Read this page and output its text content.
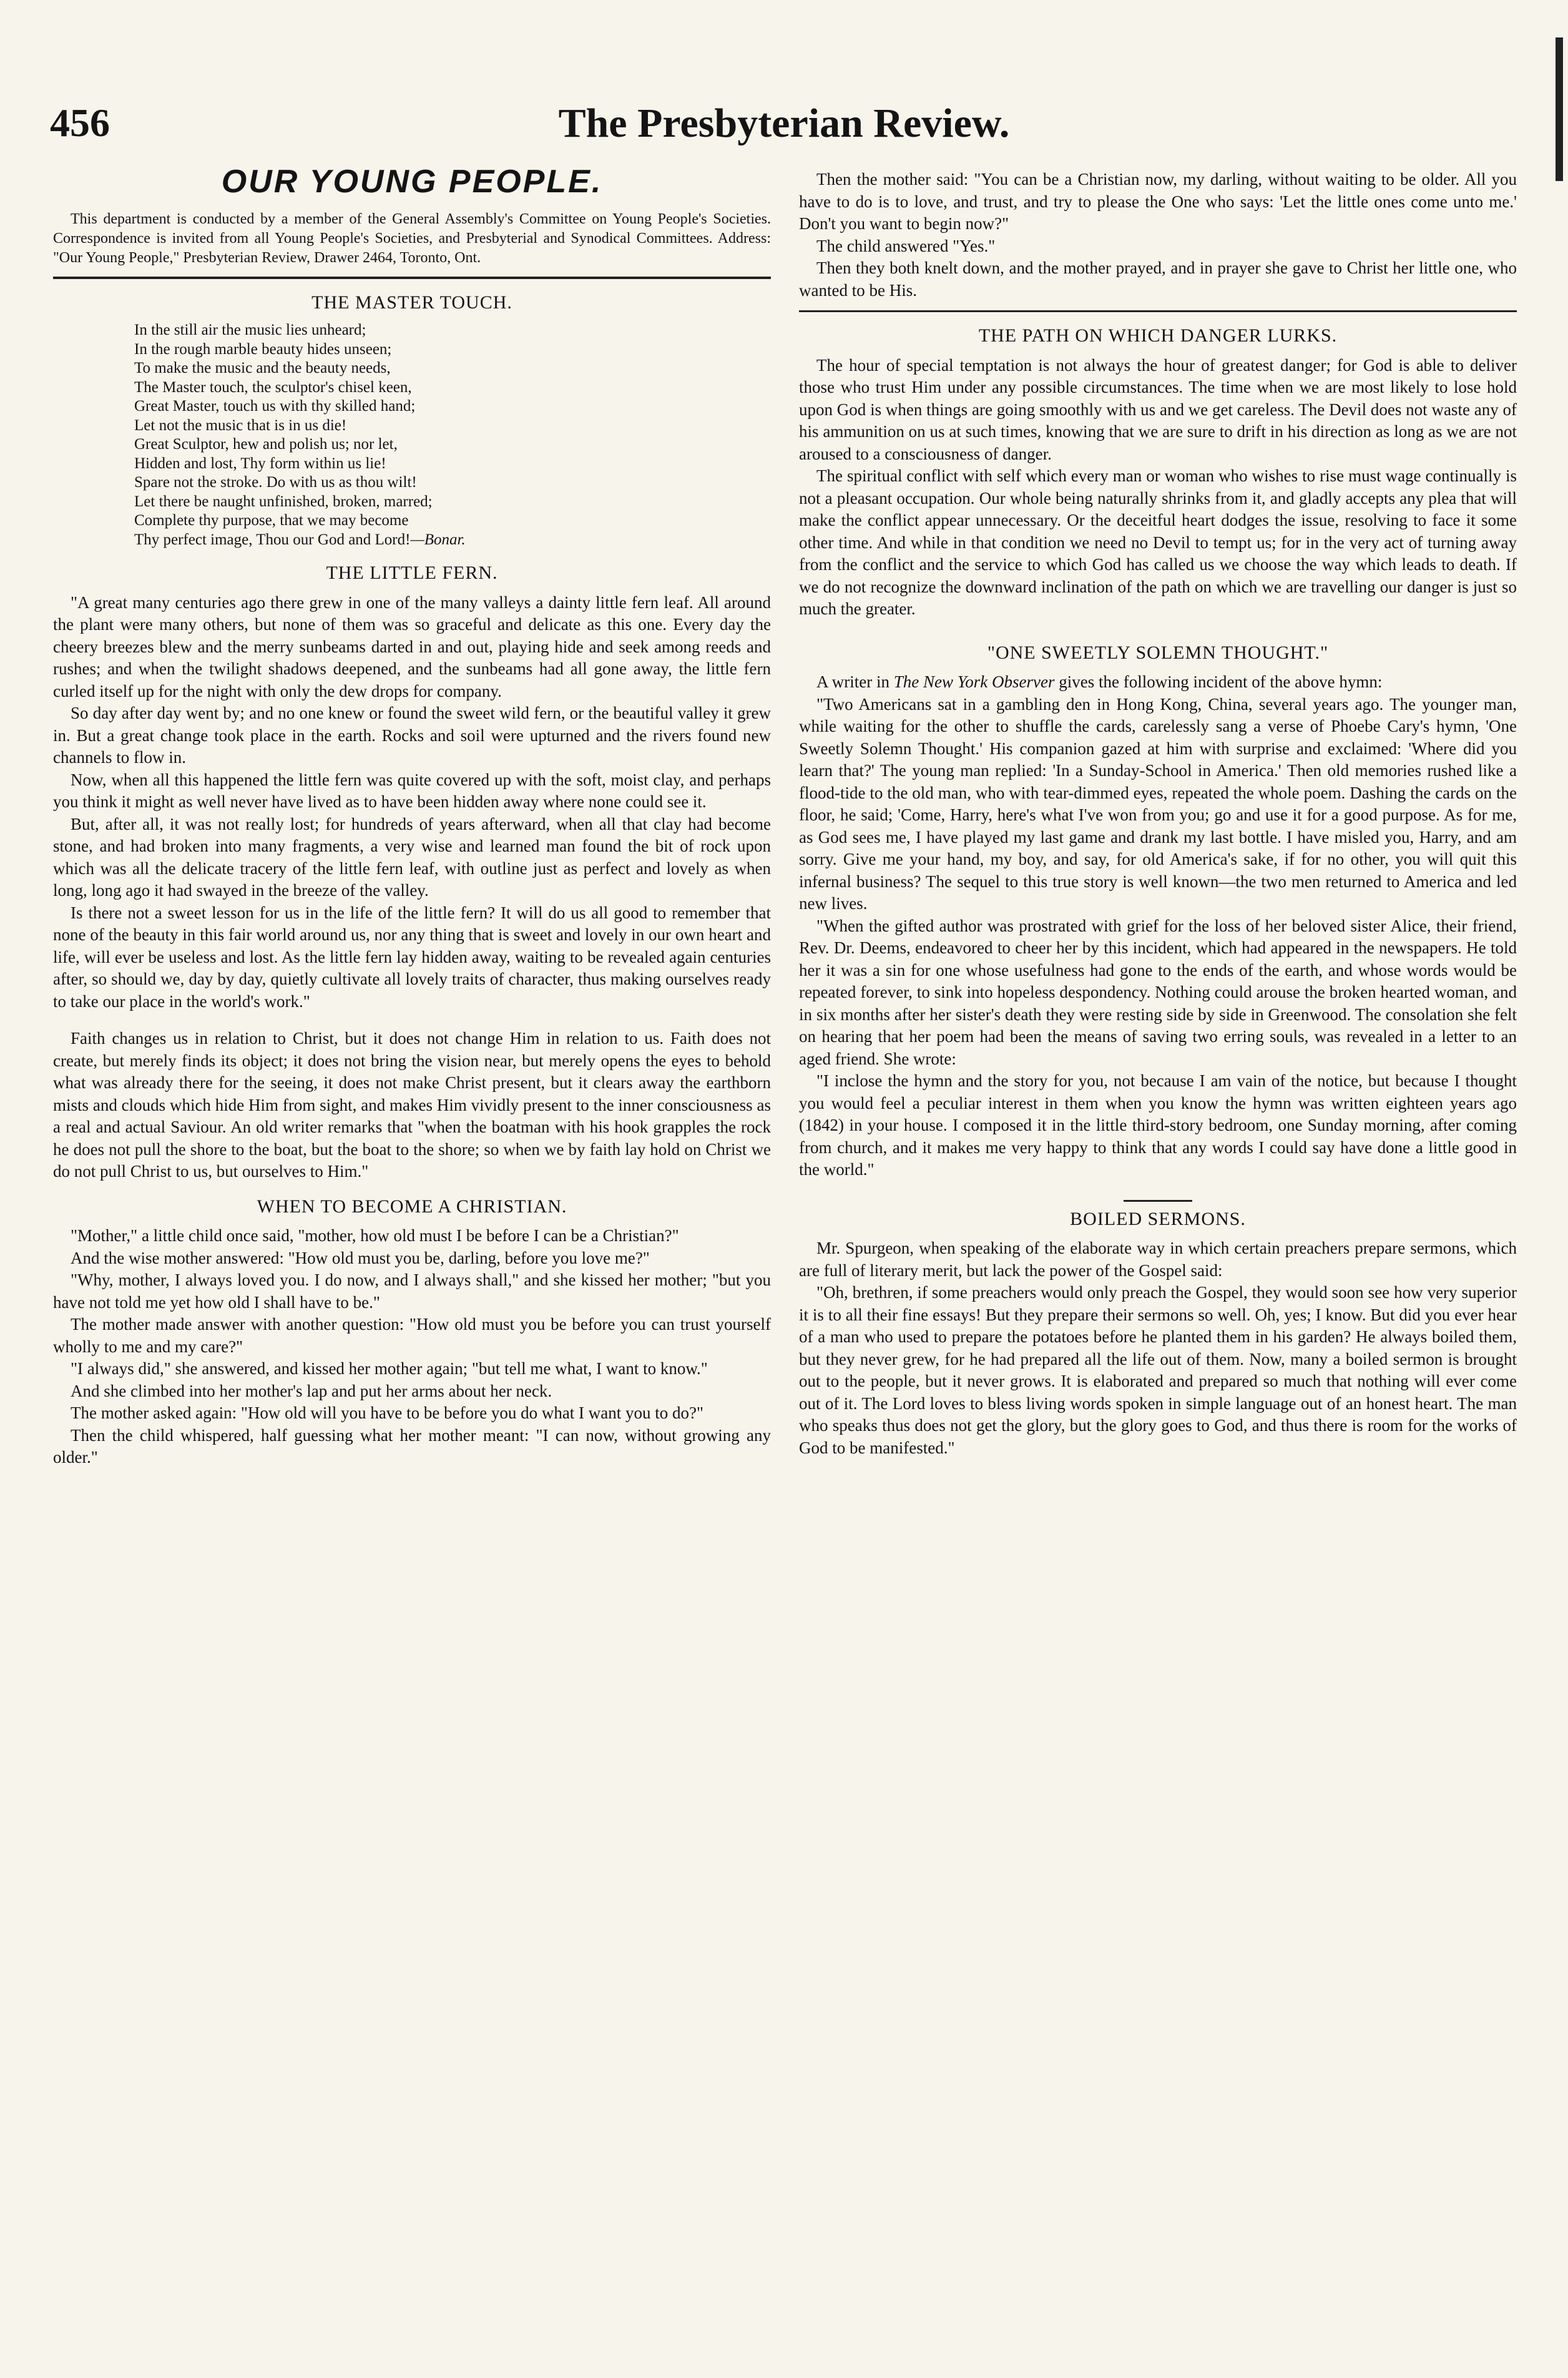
456	The Presbyterian Review.
OUR YOUNG PEOPLE.

This department is conducted by a member of the General Assembly's Committee on Young People's Societies. Correspondence is invited from all Young People's Societies, and Presbyterial and Synodical Committees. Address: "Our Young People," Presbyterian Review, Drawer 2464, Toronto, Ont.

THE MASTER TOUCH.
In the still air the music lies unheard;
In the rough marble beauty hides unseen;
To make the music and the beauty needs,
The Master touch, the sculptor's chisel keen,
Great Master, touch us with thy skilled hand;
Let not the music that is in us die!
Great Sculptor, hew and polish us; nor let,
Hidden and lost, Thy form within us lie!
Spare not the stroke. Do with us as thou wilt!
Let there be naught unfinished, broken, marred;
Complete thy purpose, that we may become
Thy perfect image, Thou our God and Lord!—Bonar.
THE LITTLE FERN.

"A great many centuries ago there grew in one of the many valleys a dainty little fern leaf. All around the plant were many others, but none of them was so graceful and delicate as this one. Every day the cheery breezes blew and the merry sunbeams darted in and out, playing hide and seek among reeds and rushes; and when the twilight shadows deepened, and the sunbeams had all gone away, the little fern curled itself up for the night with only the dew drops for company.

So day after day went by; and no one knew or found the sweet wild fern, or the beautiful valley it grew in. But a great change took place in the earth. Rocks and soil were upturned and the rivers found new channels to flow in.

Now, when all this happened the little fern was quite covered up with the soft, moist clay, and perhaps you think it might as well never have lived as to have been hidden away where none could see it.

But, after all, it was not really lost; for hundreds of years afterward, when all that clay had become stone, and had broken into many fragments, a very wise and learned man found the bit of rock upon which was all the delicate tracery of the little fern leaf, with outline just as perfect and lovely as when long, long ago it had swayed in the breeze of the valley.

Is there not a sweet lesson for us in the life of the little fern? It will do us all good to remember that none of the beauty in this fair world around us, nor any thing that is sweet and lovely in our own heart and life, will ever be useless and lost. As the little fern lay hidden away, waiting to be revealed again centuries after, so should we, day by day, quietly cultivate all lovely traits of character, thus making ourselves ready to take our place in the world's work."

Faith changes us in relation to Christ, but it does not change Him in relation to us. Faith does not create, but merely finds its object; it does not bring the vision near, but merely opens the eyes to behold what was already there for the seeing, it does not make Christ present, but it clears away the earthborn mists and clouds which hide Him from sight, and makes Him vividly present to the inner consciousness as a real and actual Saviour. An old writer remarks that "when the boatman with his hook grapples the rock he does not pull the shore to the boat, but the boat to the shore; so when we by faith lay hold on Christ we do not pull Christ to us, but ourselves to Him."

WHEN TO BECOME A CHRISTIAN.

"Mother," a little child once said, "mother, how old must I be before I can be a Christian?"

And the wise mother answered: "How old must you be, darling, before you love me?"

"Why, mother, I always loved you. I do now, and I always shall," and she kissed her mother; "but you have not told me yet how old I shall have to be."

The mother made answer with another question: "How old must you be before you can trust yourself wholly to me and my care?"

"I always did," she answered, and kissed her mother again; "but tell me what, I want to know."

And she climbed into her mother's lap and put her arms about her neck.

The mother asked again: "How old will you have to be before you do what I want you to do?"

Then the child whispered, half guessing what her mother meant: "I can now, without growing any older."

Then the mother said: "You can be a Christian now, my darling, without waiting to be older. All you have to do is to love, and trust, and try to please the One who says: 'Let the little ones come unto me.' Don't you want to begin now?"

The child answered "Yes."

Then they both knelt down, and the mother prayed, and in prayer she gave to Christ her little one, who wanted to be His.

THE PATH ON WHICH DANGER LURKS.

The hour of special temptation is not always the hour of greatest danger; for God is able to deliver those who trust Him under any possible circumstances. The time when we are most likely to lose hold upon God is when things are going smoothly with us and we get careless. The Devil does not waste any of his ammunition on us at such times, knowing that we are sure to drift in his direction as long as we are not aroused to a consciousness of danger.

The spiritual conflict with self which every man or woman who wishes to rise must wage continually is not a pleasant occupation. Our whole being naturally shrinks from it, and gladly accepts any plea that will make the conflict appear unnecessary. Or the deceitful heart dodges the issue, resolving to face it some other time. And while in that condition we need no Devil to tempt us; for in the very act of turning away from the conflict and the service to which God has called us we choose the way which leads to death. If we do not recognize the downward inclination of the path on which we are travelling our danger is just so much the greater.

"ONE SWEETLY SOLEMN THOUGHT."

A writer in The New York Observer gives the following incident of the above hymn:

"Two Americans sat in a gambling den in Hong Kong, China, several years ago. The younger man, while waiting for the other to shuffle the cards, carelessly sang a verse of Phoebe Cary's hymn, 'One Sweetly Solemn Thought.' His companion gazed at him with surprise and exclaimed: 'Where did you learn that?' The young man replied: 'In a Sunday-School in America.' Then old memories rushed like a flood-tide to the old man, who with tear-dimmed eyes, repeated the whole poem. Dashing the cards on the floor, he said; 'Come, Harry, here's what I've won from you; go and use it for a good purpose. As for me, as God sees me, I have played my last game and drank my last bottle. I have misled you, Harry, and am sorry. Give me your hand, my boy, and say, for old America's sake, if for no other, you will quit this infernal business? The sequel to this true story is well known—the two men returned to America and led new lives.

"When the gifted author was prostrated with grief for the loss of her beloved sister Alice, their friend, Rev. Dr. Deems, endeavored to cheer her by this incident, which had appeared in the newspapers. He told her it was a sin for one whose usefulness had gone to the ends of the earth, and whose words would be repeated forever, to sink into hopeless despondency. Nothing could arouse the broken hearted woman, and in six months after her sister's death they were resting side by side in Greenwood. The consolation she felt on hearing that her poem had been the means of saving two erring souls, was revealed in a letter to an aged friend. She wrote:

"I inclose the hymn and the story for you, not because I am vain of the notice, but because I thought you would feel a peculiar interest in them when you know the hymn was written eighteen years ago (1842) in your house. I composed it in the little third-story bedroom, one Sunday morning, after coming from church, and it makes me very happy to think that any words I could say have done a little good in the world."

BOILED SERMONS.

Mr. Spurgeon, when speaking of the elaborate way in which certain preachers prepare sermons, which are full of literary merit, but lack the power of the Gospel said:

"Oh, brethren, if some preachers would only preach the Gospel, they would soon see how very superior it is to all their fine essays! But they prepare their sermons so well. Oh, yes; I know. But did you ever hear of a man who used to prepare the potatoes before he planted them in his garden? He always boiled them, but they never grew, for he had prepared all the life out of them. Now, many a boiled sermon is brought out to the people, but it never grows. It is elaborated and prepared so much that nothing will ever come out of it. The Lord loves to bless living words spoken in simple language out of an honest heart. The man who speaks thus does not get the glory, but the glory goes to God, and thus there is room for the works of God to be manifested."
